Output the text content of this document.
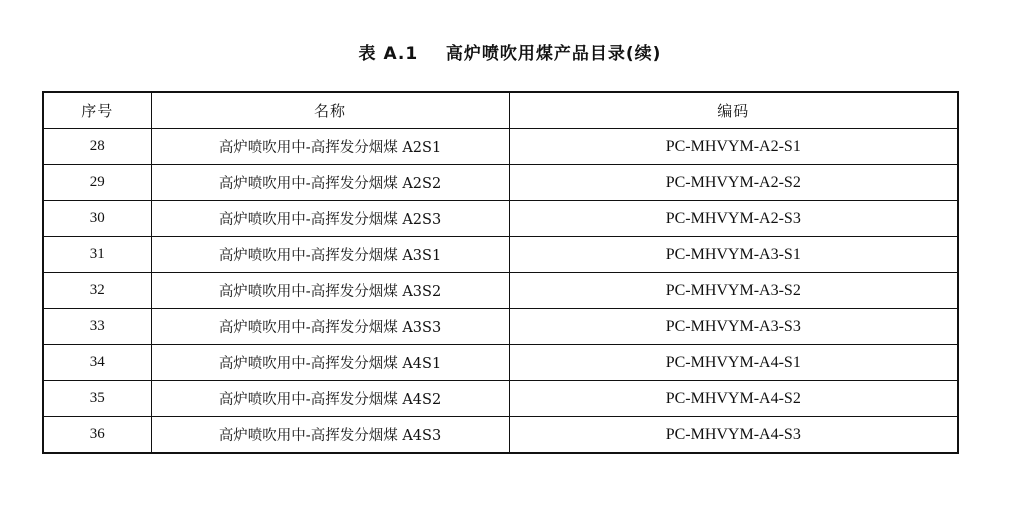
表 A.1    高炉喷吹用煤产品目录(续)
序号	名称	编码
28	高炉喷吹用中-高挥发分烟煤 A2S1	PC-MHVYM-A2-S1
29	高炉喷吹用中-高挥发分烟煤 A2S2	PC-MHVYM-A2-S2
30	高炉喷吹用中-高挥发分烟煤 A2S3	PC-MHVYM-A2-S3
31	高炉喷吹用中-高挥发分烟煤 A3S1	PC-MHVYM-A3-S1
32	高炉喷吹用中-高挥发分烟煤 A3S2	PC-MHVYM-A3-S2
33	高炉喷吹用中-高挥发分烟煤 A3S3	PC-MHVYM-A3-S3
34	高炉喷吹用中-高挥发分烟煤 A4S1	PC-MHVYM-A4-S1
35	高炉喷吹用中-高挥发分烟煤 A4S2	PC-MHVYM-A4-S2
36	高炉喷吹用中-高挥发分烟煤 A4S3	PC-MHVYM-A4-S3
